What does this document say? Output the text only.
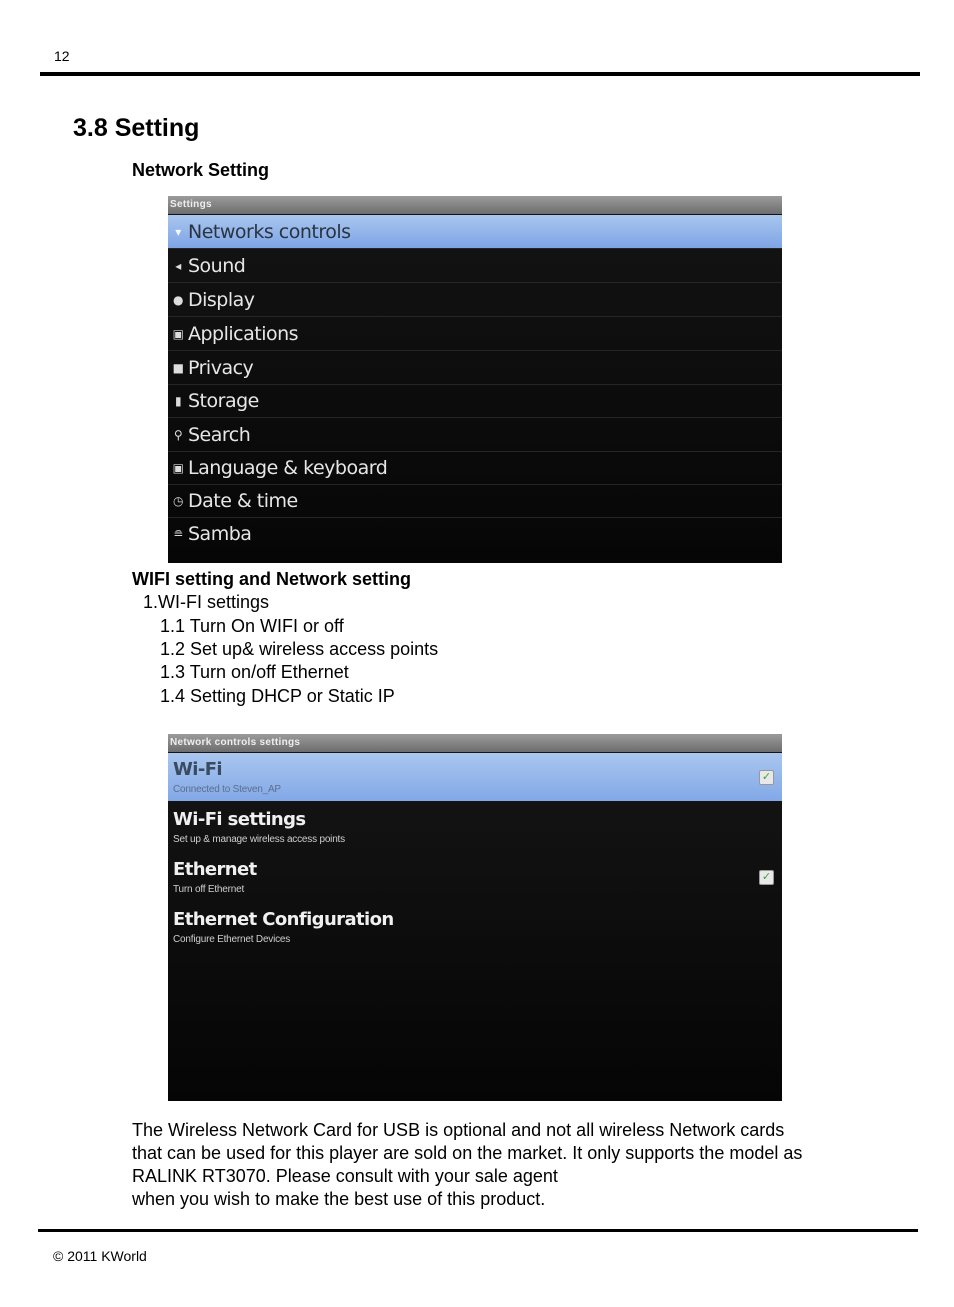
12
3.8 Setting
Network Setting
Settings
▾ Networks controls
◂ Sound
● Display
▣ Applications
■ Privacy
▮ Storage
⚲ Search
▣ Language & keyboard
◷ Date & time
≘ Samba
WIFI setting and Network setting
1.WI-FI settings
1.1 Turn On WIFI or off
1.2 Set up& wireless access points
1.3 Turn on/off Ethernet
1.4 Setting DHCP or Static IP
Network controls settings
Wi-Fi
Connected to Steven_AP
✓
Wi-Fi settings
Set up & manage wireless access points
Ethernet
Turn off Ethernet
✓
Ethernet Configuration
Configure Ethernet Devices
The Wireless Network Card for USB is optional and not all wireless Network cards
that can be used for this player are sold on the market. It only supports the model as
RALINK RT3070. Please consult with your sale agent
when you wish to make the best use of this product.
© 2011 KWorld
